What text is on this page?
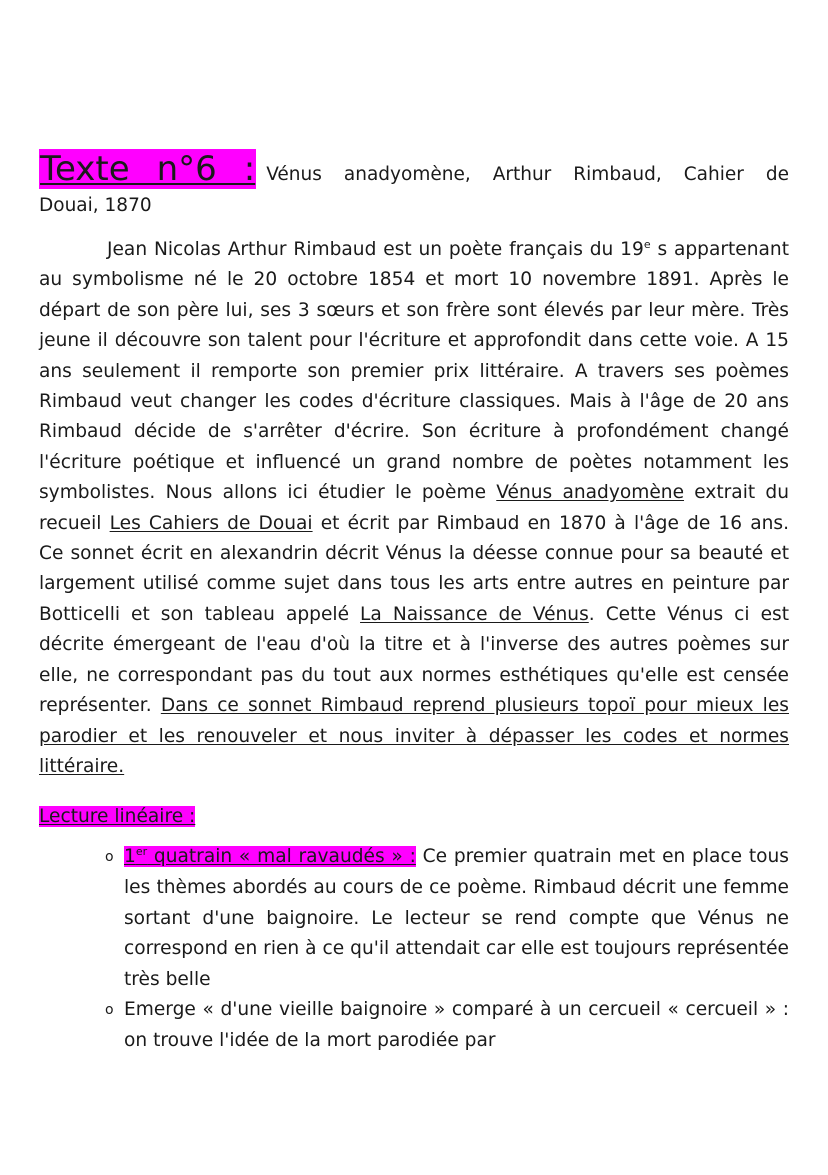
Texte n°6 : Vénus anadyomène, Arthur Rimbaud, Cahier de

Douai, 1870

Jean Nicolas Arthur Rimbaud est un poète français du 19e s appartenant au symbolisme né le 20 octobre 1854 et mort 10 novembre 1891. Après le départ de son père lui, ses 3 sœurs et son frère sont élevés par leur mère. Très jeune il découvre son talent pour l'écriture et approfondit dans cette voie. A 15 ans seulement il remporte son premier prix littéraire. A travers ses poèmes Rimbaud veut changer les codes d'écriture classiques. Mais à l'âge de 20 ans Rimbaud décide de s'arrêter d'écrire. Son écriture à profondément changé l'écriture poétique et influencé un grand nombre de poètes notamment les symbolistes. Nous allons ici étudier le poème Vénus anadyomène extrait du recueil Les Cahiers de Douai et écrit par Rimbaud en 1870 à l'âge de 16 ans. Ce sonnet écrit en alexandrin décrit Vénus la déesse connue pour sa beauté et largement utilisé comme sujet dans tous les arts entre autres en peinture par Botticelli et son tableau appelé La Naissance de Vénus. Cette Vénus ci est décrite émergeant de l'eau d'où la titre et à l'inverse des autres poèmes sur elle, ne correspondant pas du tout aux normes esthétiques qu'elle est censée représenter. Dans ce sonnet Rimbaud reprend plusieurs topoï pour mieux les parodier et les renouveler et nous inviter à dépasser les codes et normes littéraire.

Lecture linéaire :
o 1er quatrain « mal ravaudés » : Ce premier quatrain met en place tous les thèmes abordés au cours de ce poème. Rimbaud décrit une femme sortant d'une baignoire. Le lecteur se rend compte que Vénus ne correspond en rien à ce qu'il attendait car elle est toujours représentée très belle
o Emerge « d'une vieille baignoire » comparé à un cercueil « cercueil » : on trouve l'idée de la mort parodiée par
